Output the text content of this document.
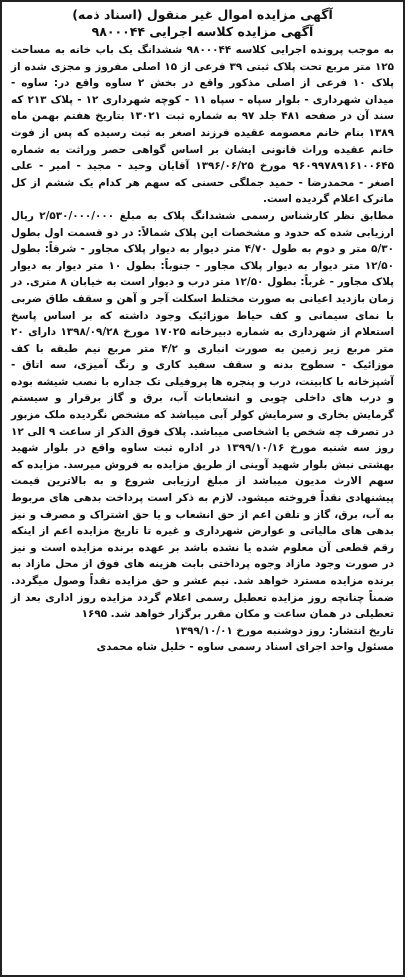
آگهی مزایده اموال غیر منقول (اسناد ذمه)
آگهی مزایده کلاسه اجرایی ۹۸۰۰۰۴۴

به موجب پرونده اجرایی کلاسه ۹۸۰۰۰۴۴ ششدانگ یک باب خانه به مساحت ۱۲۵ متر مربع تحت پلاک ثبتی ۳۹ فرعی از ۱۵ اصلی مفروز و مجزی شده از پلاک ۱۰ فرعی از اصلی مذکور واقع در بخش ۲ ساوه واقع در: ساوه - میدان شهرداری - بلوار سپاه - سپاه ۱۱ - کوچه شهرداری ۱۲ - پلاک ۲۱۳ که سند آن در صفحه ۴۸۱ جلد ۹۷ به شماره ثبت ۱۳۰۲۱ بتاریخ هفتم بهمن ماه ۱۳۸۹ بنام خانم معصومه عقیده فرزند اصغر به ثبت رسیده که پس از فوت خانم عقیده وراث قانونی ایشان بر اساس گواهی حصر وراثت به شماره ۹۶۰۹۹۷۸۹۱۶۱۰۰۶۴۵ مورخ ۱۳۹۶/۰۶/۲۵ آقایان وحید - مجید - امیر - علی اصغر - محمدرضا - حمید جملگی حسنی که سهم هر کدام یک ششم از کل ماترک اعلام گردیده است.

مطابق نظر کارشناس رسمی ششدانگ پلاک به مبلغ ۲/۵۳۰/۰۰۰/۰۰۰ ریال ارزیابی شده که حدود و مشخصات این پلاک شمالاً: در دو قسمت اول بطول ۵/۳۰ متر و دوم به طول ۴/۷۰ متر دیوار به دیوار پلاک مجاور - شرقاً: بطول ۱۲/۵۰ متر دیوار به دیوار پلاک مجاور - جنوباً: بطول ۱۰ متر دیوار به دیوار پلاک مجاور - غرباً: بطول ۱۲/۵۰ متر درب و دیوار است به خیابان ۸ متری. در زمان بازدید اعیانی به صورت مختلط اسکلت آجر و آهن و سقف طاق ضربی با نمای سیمانی و کف حیاط موزائیک وجود داشته که بر اساس پاسخ استعلام از شهرداری به شماره دبیرخانه ۱۷۰۲۵ مورخ ۱۳۹۸/۰۹/۲۸ دارای ۲۰ متر مربع زیر زمین به صورت انباری و ۴/۲ متر مربع نیم طبقه با کف موزائیک - سطوح بدنه و سقف سفید کاری و رنگ آمیزی، سه اتاق - آشپزخانه با کابینت، درب و پنجره ها پروفیلی تک جداره با نصب شیشه بوده و درب های داخلی چوبی و انشعابات آب، برق و گاز برقرار و سیستم گرمایش بخاری و سرمایش کولر آبی میباشد که مشخص نگردیده ملک مزبور در تصرف چه شخص یا اشخاصی میباشد. پلاک فوق الذکر از ساعت ۹ الی ۱۲ روز سه شنبه مورخ ۱۳۹۹/۱۰/۱۶ در اداره ثبت ساوه واقع در بلوار شهید بهشتی نبش بلوار شهید آوینی از طریق مزایده به فروش میرسد. مزایده که سهم الارث مدیون میباشد از مبلغ ارزیابی شروع و به بالاترین قیمت پیشنهادی نقداً فروخته میشود. لازم به ذکر است پرداخت بدهی های مربوط به آب، برق، گاز و تلفن اعم از حق انشعاب و یا حق اشتراک و مصرف و نیز بدهی های مالیاتی و عوارض شهرداری و غیره تا تاریخ مزایده اعم از اینکه رقم قطعی آن معلوم شده یا نشده باشد بر عهده برنده مزایده است و نیز در صورت وجود مازاد وجوه پرداختی بابت هزینه های فوق از محل مازاد به برنده مزایده مسترد خواهد شد. نیم عشر و حق مزایده نقداً وصول میگردد. ضمناً چنانچه روز مزایده تعطیل رسمی اعلام گردد مزایده روز اداری بعد از تعطیلی در همان ساعت و مکان مقرر برگزار خواهد شد. ۱۶۹۵

تاریخ انتشار: روز دوشنبه مورخ ۱۳۹۹/۱۰/۰۱

مسئول واحد اجرای اسناد رسمی ساوه - خلیل شاه محمدی
